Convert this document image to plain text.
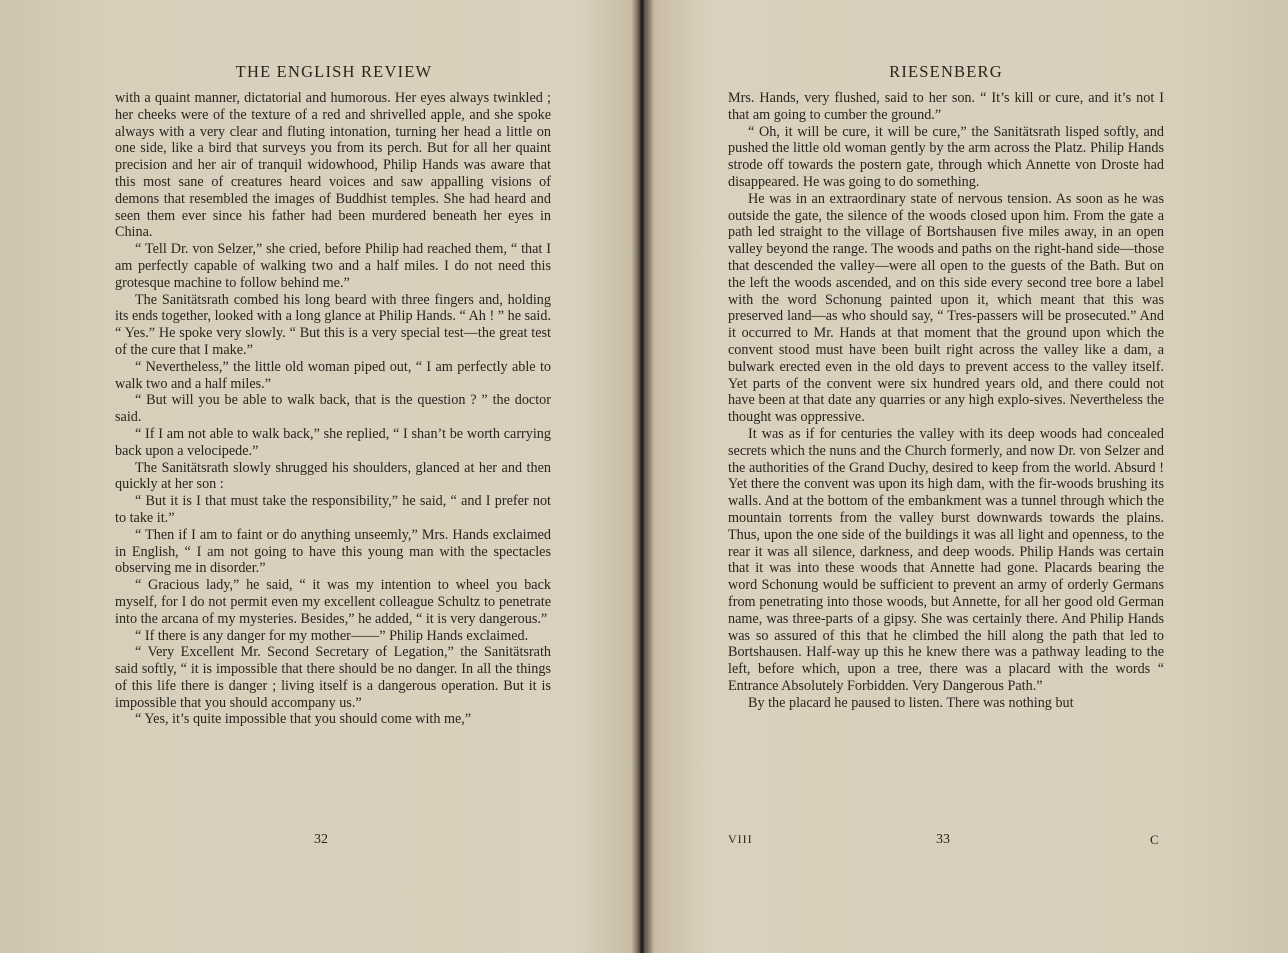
THE ENGLISH REVIEW

with a quaint manner, dictatorial and humorous. Her eyes always twinkled ; her cheeks were of the texture of a red and shrivelled apple, and she spoke always with a very clear and fluting intonation, turning her head a little on one side, like a bird that surveys you from its perch. But for all her quaint precision and her air of tranquil widowhood, Philip Hands was aware that this most sane of creatures heard voices and saw appalling visions of demons that resembled the images of Buddhist temples. She had heard and seen them ever since his father had been murdered beneath her eyes in China.

“ Tell Dr. von Selzer,” she cried, before Philip had reached them, “ that I am perfectly capable of walking two and a half miles. I do not need this grotesque machine to follow behind me.”

The Sanitätsrath combed his long beard with three fingers and, holding its ends together, looked with a long glance at Philip Hands. “ Ah ! ” he said. “ Yes.” He spoke very slowly. “ But this is a very special test—the great test of the cure that I make.”

“ Nevertheless,” the little old woman piped out, “ I am perfectly able to walk two and a half miles.”

“ But will you be able to walk back, that is the question ? ” the doctor said.

“ If I am not able to walk back,” she replied, “ I shan’t be worth carrying back upon a velocipede.”

The Sanitätsrath slowly shrugged his shoulders, glanced at her and then quickly at her son :

“ But it is I that must take the responsibility,” he said, “ and I prefer not to take it.”

“ Then if I am to faint or do anything unseemly,” Mrs. Hands exclaimed in English, “ I am not going to have this young man with the spectacles observing me in disorder.”

“ Gracious lady,” he said, “ it was my intention to wheel you back myself, for I do not permit even my excellent colleague Schultz to penetrate into the arcana of my mysteries. Besides,” he added, “ it is very dangerous.”

“ If there is any danger for my mother——” Philip Hands exclaimed.

“ Very Excellent Mr. Second Secretary of Legation,” the Sanitätsrath said softly, “ it is impossible that there should be no danger. In all the things of this life there is danger ; living itself is a dangerous operation. But it is impossible that you should accompany us.”

“ Yes, it’s quite impossible that you should come with me,”

32
RIESENBERG

Mrs. Hands, very flushed, said to her son. “ It’s kill or cure, and it’s not I that am going to cumber the ground.”

“ Oh, it will be cure, it will be cure,” the Sanitätsrath lisped softly, and pushed the little old woman gently by the arm across the Platz. Philip Hands strode off towards the postern gate, through which Annette von Droste had disappeared. He was going to do something.

He was in an extraordinary state of nervous tension. As soon as he was outside the gate, the silence of the woods closed upon him. From the gate a path led straight to the village of Bortshausen five miles away, in an open valley beyond the range. The woods and paths on the right-hand side—those that descended the valley—were all open to the guests of the Bath. But on the left the woods ascended, and on this side every second tree bore a label with the word Schonung painted upon it, which meant that this was preserved land—as who should say, “ Tres-passers will be prosecuted.” And it occurred to Mr. Hands at that moment that the ground upon which the convent stood must have been built right across the valley like a dam, a bulwark erected even in the old days to prevent access to the valley itself. Yet parts of the convent were six hundred years old, and there could not have been at that date any quarries or any high explo-sives. Nevertheless the thought was oppressive.

It was as if for centuries the valley with its deep woods had concealed secrets which the nuns and the Church formerly, and now Dr. von Selzer and the authorities of the Grand Duchy, desired to keep from the world. Absurd ! Yet there the convent was upon its high dam, with the fir-woods brushing its walls. And at the bottom of the embankment was a tunnel through which the mountain torrents from the valley burst downwards towards the plains. Thus, upon the one side of the buildings it was all light and openness, to the rear it was all silence, darkness, and deep woods. Philip Hands was certain that it was into these woods that Annette had gone. Placards bearing the word Schonung would be sufficient to prevent an army of orderly Germans from penetrating into those woods, but Annette, for all her good old German name, was three-parts of a gipsy. She was certainly there. And Philip Hands was so assured of this that he climbed the hill along the path that led to Bortshausen. Half-way up this he knew there was a pathway leading to the left, before which, upon a tree, there was a placard with the words “ Entrance Absolutely Forbidden. Very Dangerous Path.”

By the placard he paused to listen. There was nothing but

VIII	33	C
